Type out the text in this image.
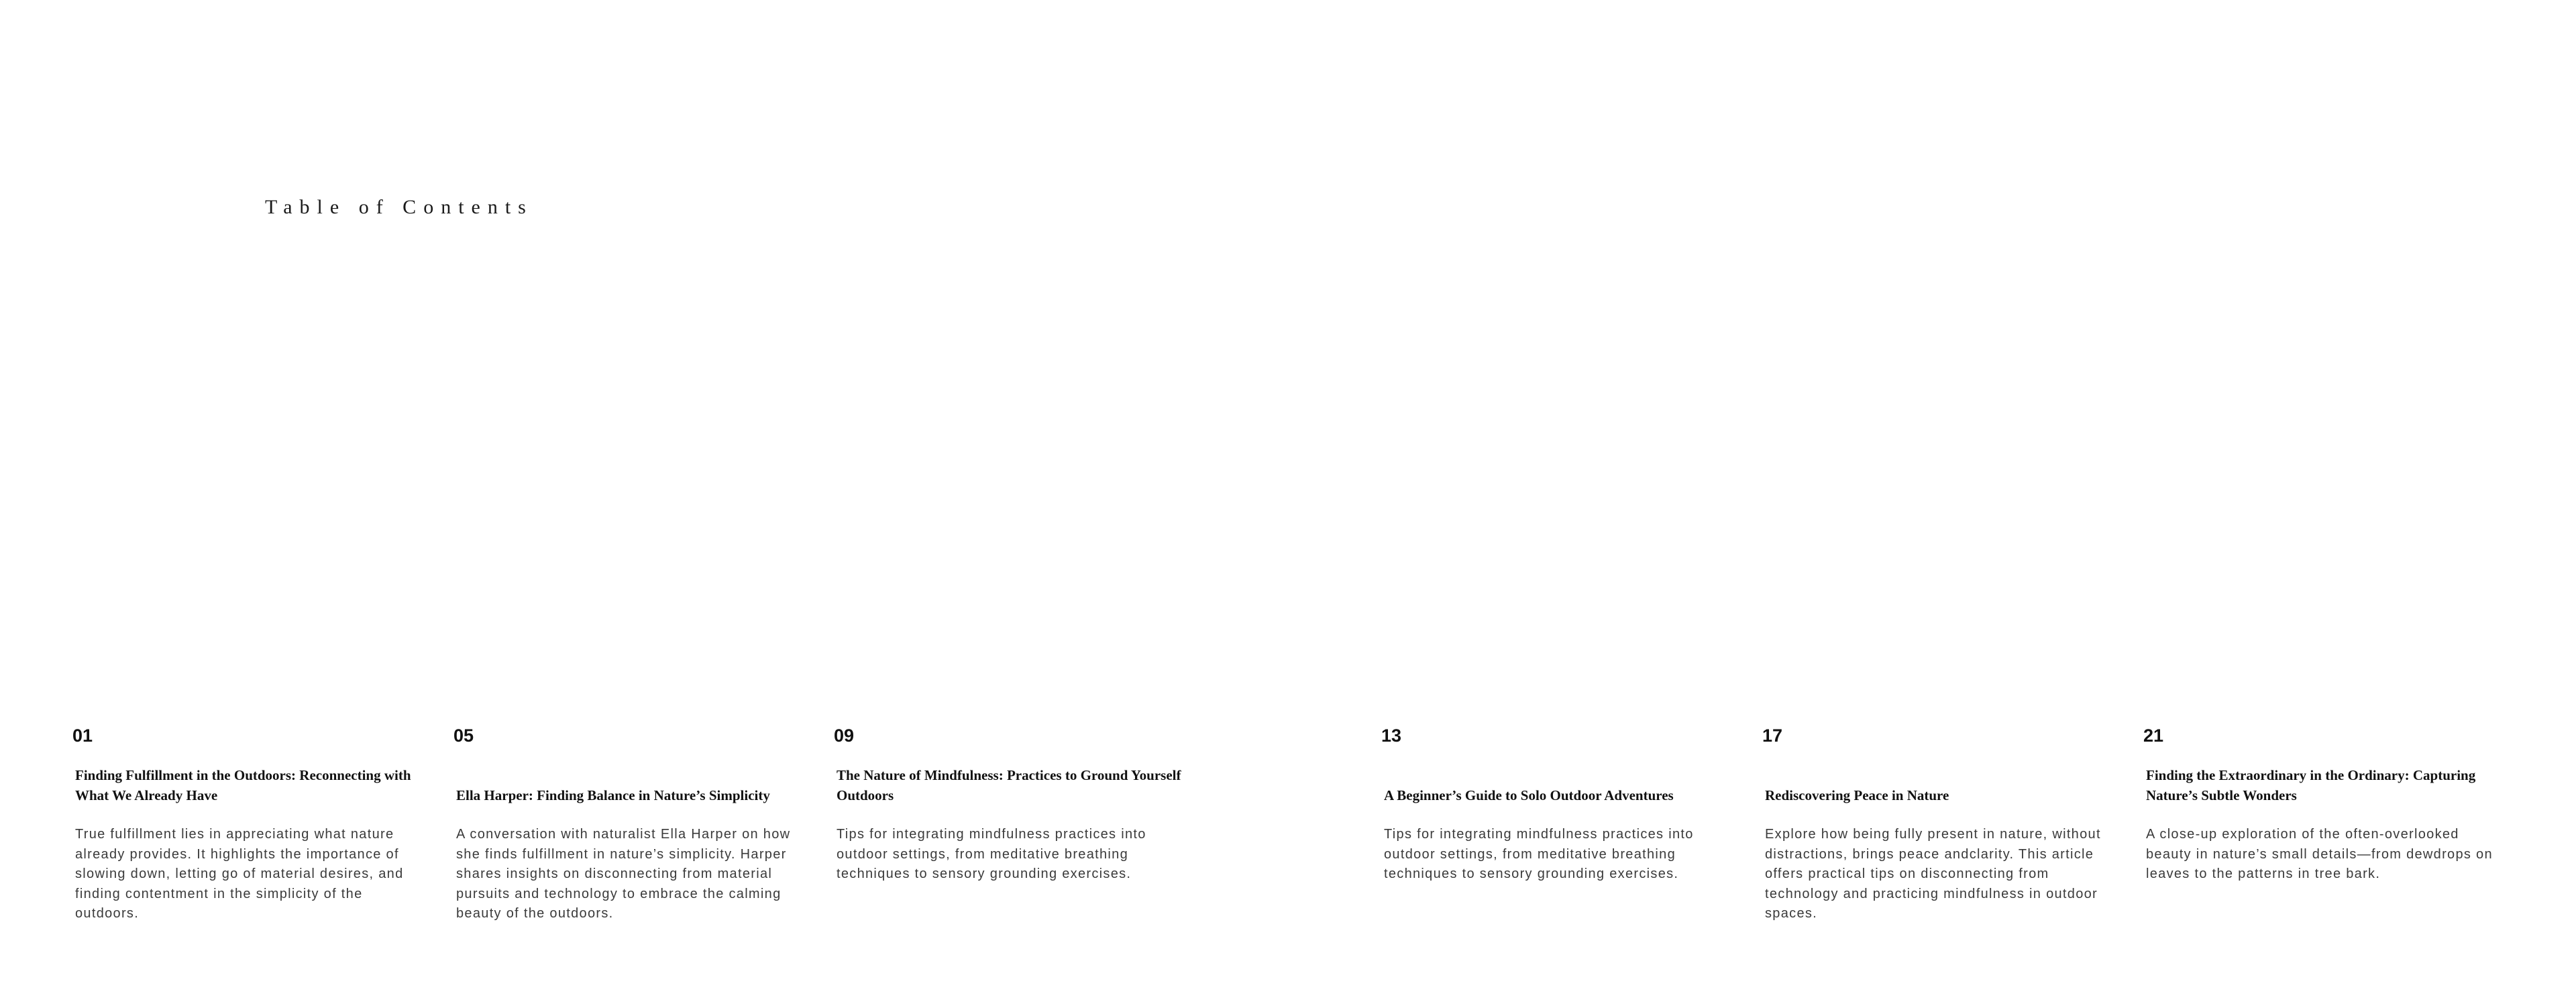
Table of Contents
01
Finding Fulfillment in the Outdoors: Reconnecting with What We Already Have

True fulfillment lies in appreciating what nature already provides. It highlights the importance of slowing down, letting go of material desires, and finding contentment in the simplicity of the outdoors.

05
Ella Harper: Finding Balance in Nature’s Simplicity

A conversation with naturalist Ella Harper on how she finds fulfillment in nature’s simplicity. Harper shares insights on disconnecting from material pursuits and technology to embrace the calming beauty of the outdoors.

09
The Nature of Mindfulness: Practices to Ground Yourself Outdoors

Tips for integrating mindfulness practices into outdoor settings, from meditative breathing techniques to sensory grounding exercises.

13
A Beginner’s Guide to Solo Outdoor Adventures

Tips for integrating mindfulness practices into outdoor settings, from meditative breathing techniques to sensory grounding exercises.

17
Rediscovering Peace in Nature

Explore how being fully present in nature, without distractions, brings peace andclarity. This article offers practical tips on disconnecting from technology and practicing mindfulness in outdoor spaces.

21
Finding the Extraordinary in the Ordinary: Capturing Nature’s Subtle Wonders

A close-up exploration of the often-overlooked beauty in nature’s small details—from dewdrops on leaves to the patterns in tree bark.
